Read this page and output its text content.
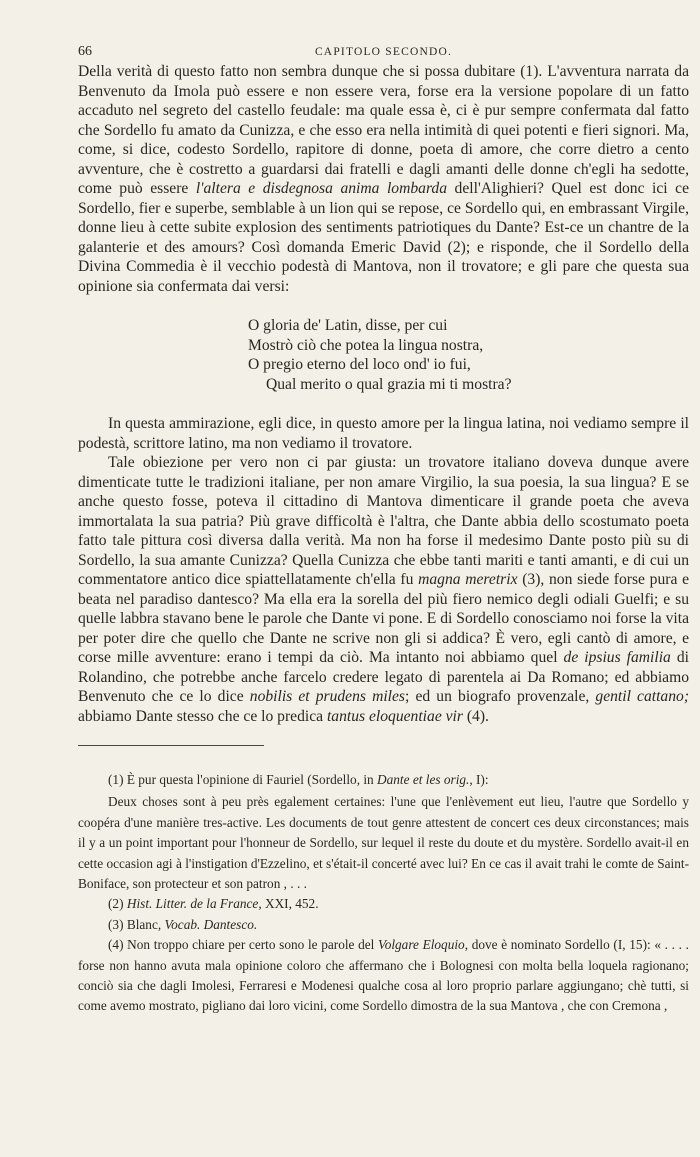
66	CAPITOLO SECONDO.

Della verità di questo fatto non sembra dunque che si possa dubitare (1). L'avventura narrata da Benvenuto da Imola può essere e non essere vera, forse era la versione popolare di un fatto accaduto nel segreto del castello feudale: ma quale essa è, ci è pur sempre confermata dal fatto che Sordello fu amato da Cunizza, e che esso era nella intimità di quei potenti e fieri signori. Ma, come, si dice, codesto Sordello, rapitore di donne, poeta di amore, che corre dietro a cento avventure, che è costretto a guardarsi dai fratelli e dagli amanti delle donne ch'egli ha sedotte, come può essere l'altera e disdegnosa anima lombarda dell'Alighieri? Quel est donc ici ce Sordello, fier e superbe, semblable à un lion qui se repose, ce Sordello qui, en embrassant Virgile, donne lieu à cette subite explosion des sentiments patriotiques du Dante? Est-ce un chantre de la galanterie et des amours? Così domanda Emeric David (2); e risponde, che il Sordello della Divina Commedia è il vecchio podestà di Mantova, non il trovatore; e gli pare che questa sua opinione sia confermata dai versi:

O gloria de' Latin, disse, per cui
Mostrò ciò che potea la lingua nostra,
O pregio eterno del loco ond' io fui,
Qual merito o qual grazia mi ti mostra?

In questa ammirazione, egli dice, in questo amore per la lingua latina, noi vediamo sempre il podestà, scrittore latino, ma non vediamo il trovatore.

Tale obiezione per vero non ci par giusta: un trovatore italiano doveva dunque avere dimenticate tutte le tradizioni italiane, per non amare Virgilio, la sua poesia, la sua lingua? E se anche questo fosse, poteva il cittadino di Mantova dimenticare il grande poeta che aveva immortalata la sua patria? Più grave difficoltà è l'altra, che Dante abbia dello scostumato poeta fatto tale pittura così diversa dalla verità. Ma non ha forse il medesimo Dante posto più su di Sordello, la sua amante Cunizza? Quella Cunizza che ebbe tanti mariti e tanti amanti, e di cui un commentatore antico dice spiattellatamente ch'ella fu magna meretrix (3), non siede forse pura e beata nel paradiso dantesco? Ma ella era la sorella del più fiero nemico degli odiali Guelfi; e su quelle labbra stavano bene le parole che Dante vi pone. E di Sordello conosciamo noi forse la vita per poter dire che quello che Dante ne scrive non gli si addica? È vero, egli cantò di amore, e corse mille avventure: erano i tempi da ciò. Ma intanto noi abbiamo quel de ipsius familia di Rolandino, che potrebbe anche farcelo credere legato di parentela ai Da Romano; ed abbiamo Benvenuto che ce lo dice nobilis et prudens miles; ed un biografo provenzale, gentil cattano; abbiamo Dante stesso che ce lo predica tantus eloquentiae vir (4).

(1) È pur questa l'opinione di Fauriel (Sordello, in Dante et les orig., I):

Deux choses sont à peu près egalement certaines: l'une que l'enlèvement eut lieu, l'autre que Sordello y coopéra d'une manière tres-active. Les documents de tout genre attestent de concert ces deux circonstances; mais il y a un point important pour l'honneur de Sordello, sur lequel il reste du doute et du mystère. Sordello avait-il en cette occasion agi à l'instigation d'Ezzelino, et s'était-il concerté avec lui? En ce cas il avait trahi le comte de Saint-Boniface, son protecteur et son patron , . . .

(2) Hist. Litter. de la France, XXI, 452.

(3) Blanc, Vocab. Dantesco.

(4) Non troppo chiare per certo sono le parole del Volgare Eloquio, dove è nominato Sordello (I, 15): « . . . . forse non hanno avuta mala opinione coloro che affermano che i Bolognesi con molta bella loquela ragionano; conciò sia che dagli Imolesi, Ferraresi e Modenesi qualche cosa al loro proprio parlare aggiungano; chè tutti, si come avemo mostrato, pigliano dai loro vicini, come Sordello dimostra de la sua Mantova , che con Cremona ,
